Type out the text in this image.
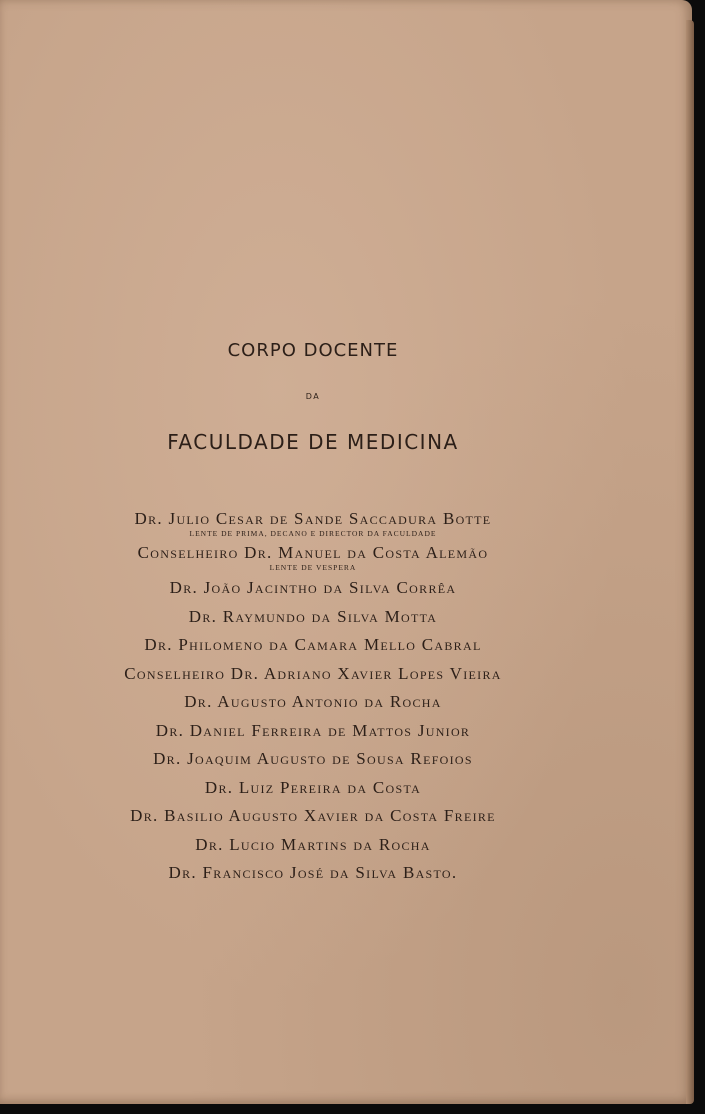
CORPO DOCENTE
DA
FACULDADE DE MEDICINA
Dr. Julio Cesar de Sande Saccadura Botte
LENTE DE PRIMA, DECANO E DIRECTOR DA FACULDADE
Conselheiro Dr. Manuel da Costa Alemão
LENTE DE VESPERA
Dr. João Jacintho da Silva Corrêa
Dr. Raymundo da Silva Motta
Dr. Philomeno da Camara Mello Cabral
Conselheiro Dr. Adriano Xavier Lopes Vieira
Dr. Augusto Antonio da Rocha
Dr. Daniel Ferreira de Mattos Junior
Dr. Joaquim Augusto de Sousa Refoios
Dr. Luiz Pereira da Costa
Dr. Basilio Augusto Xavier da Costa Freire
Dr. Lucio Martins da Rocha
Dr. Francisco José da Silva Basto.
